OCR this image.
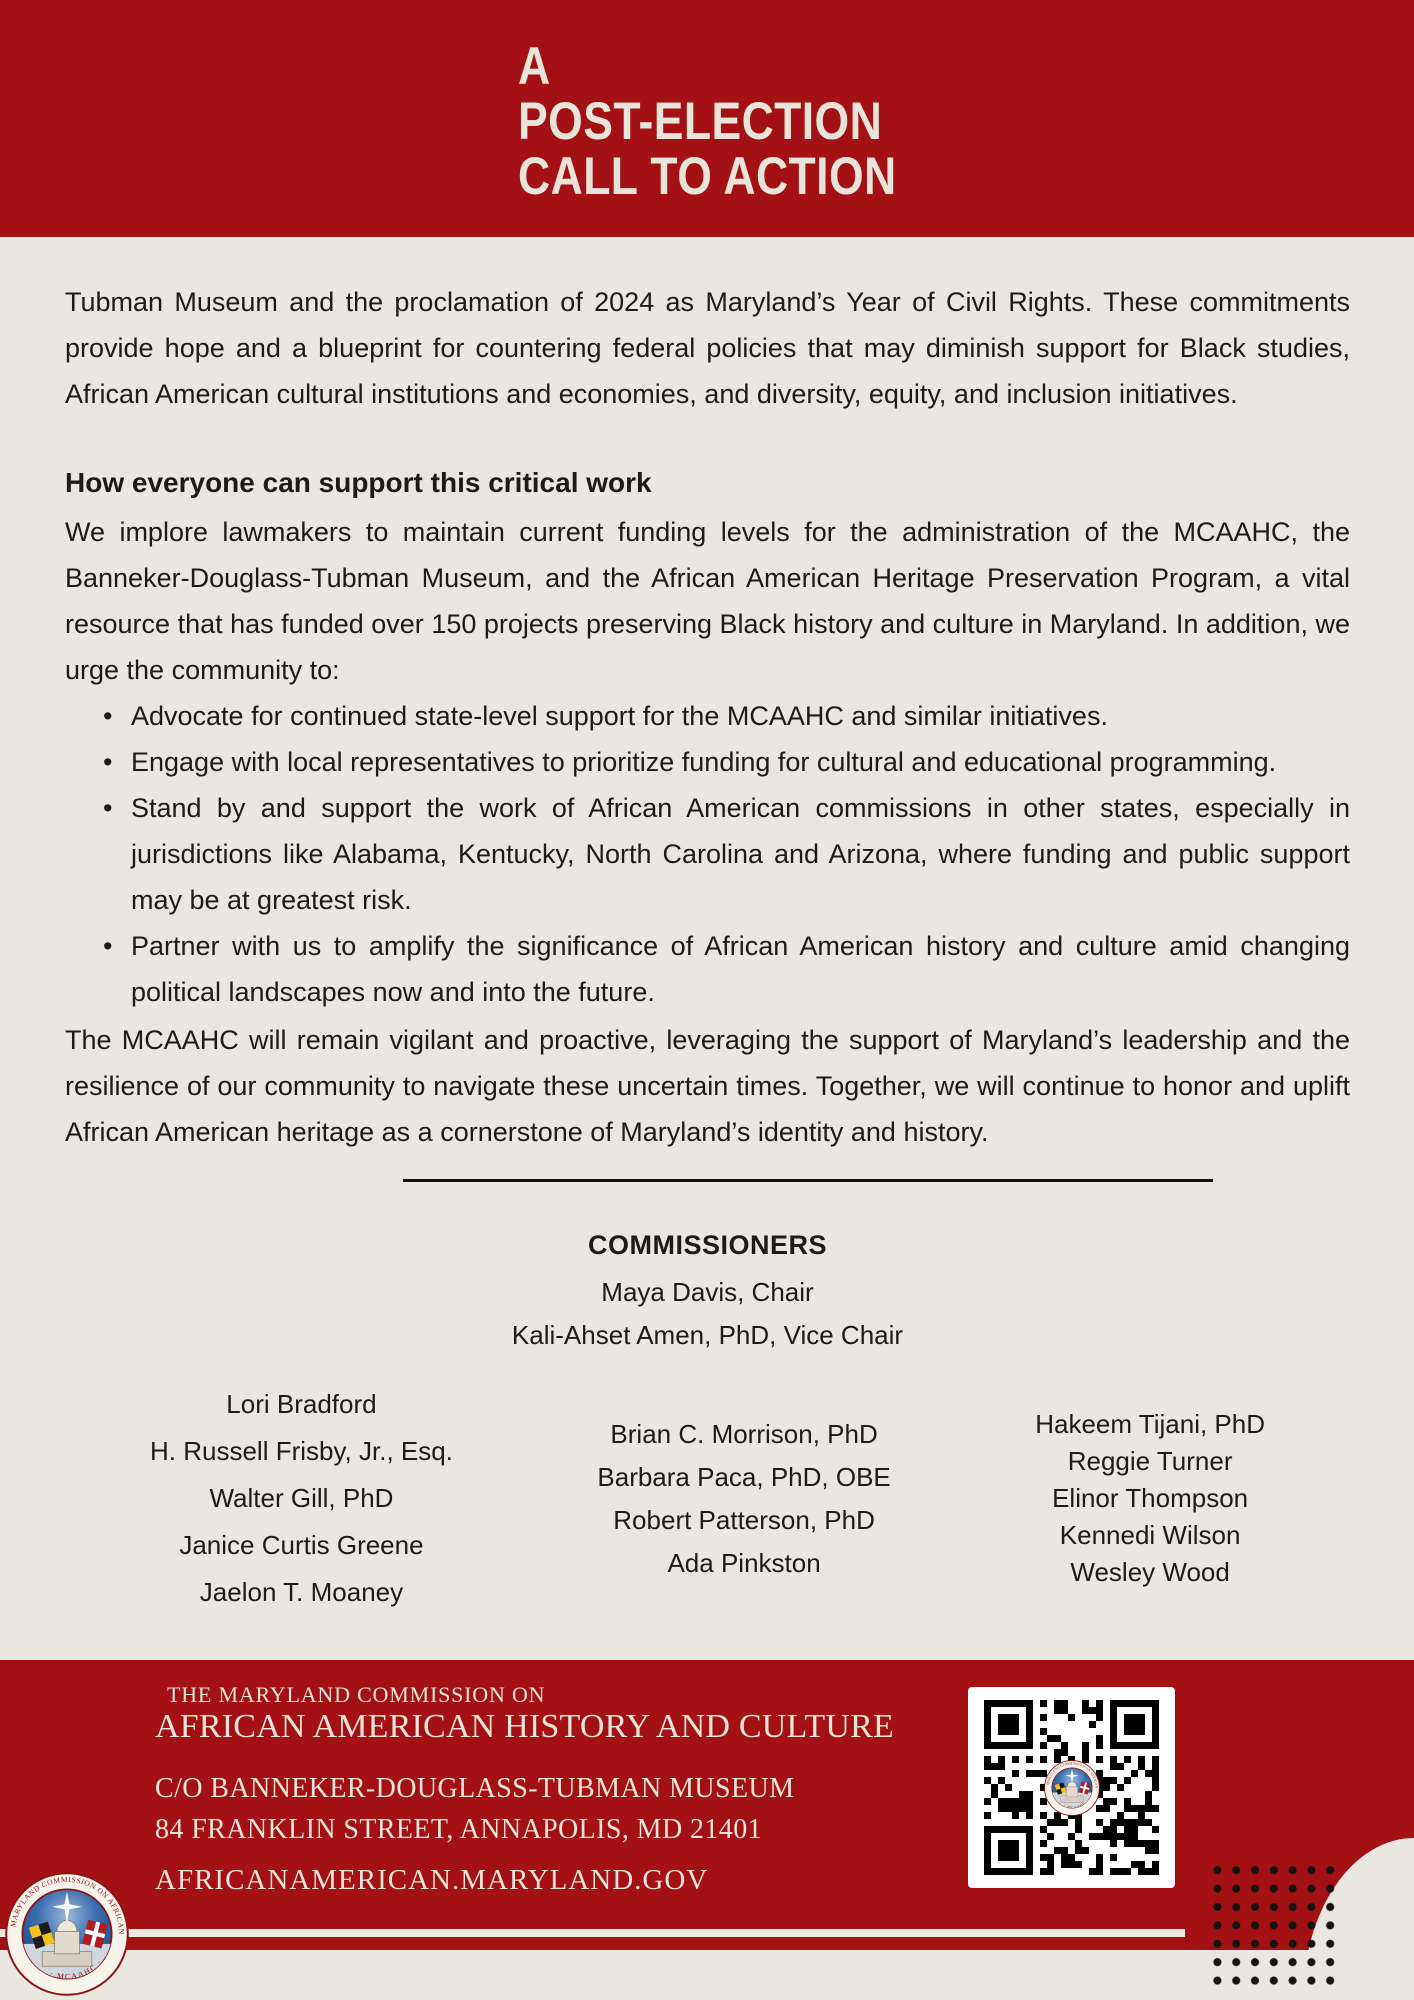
A
POST-ELECTION
CALL TO ACTION

Tubman Museum and the proclamation of 2024 as Maryland’s Year of Civil Rights. These commitments provide hope and a blueprint for countering federal policies that may diminish support for Black studies, African American cultural institutions and economies, and diversity, equity, and inclusion initiatives.

How everyone can support this critical work

We implore lawmakers to maintain current funding levels for the administration of the MCAAHC, the Banneker-Douglass-Tubman Museum, and the African American Heritage Preservation Program, a vital resource that has funded over 150 projects preserving Black history and culture in Maryland. In addition, we urge the community to:

• Advocate for continued state-level support for the MCAAHC and similar initiatives.
• Engage with local representatives to prioritize funding for cultural and educational programming.
• Stand by and support the work of African American commissions in other states, especially in jurisdictions like Alabama, Kentucky, North Carolina and Arizona, where funding and public support may be at greatest risk.
• Partner with us to amplify the significance of African American history and culture amid changing political landscapes now and into the future.

The MCAAHC will remain vigilant and proactive, leveraging the support of Maryland’s leadership and the resilience of our community to navigate these uncertain times. Together, we will continue to honor and uplift African American heritage as a cornerstone of Maryland’s identity and history.

COMMISSIONERS
Maya Davis, Chair
Kali-Ahset Amen, PhD, Vice Chair
Lori Bradford
H. Russell Frisby, Jr., Esq.
Walter Gill, PhD
Janice Curtis Greene
Jaelon T. Moaney
Brian C. Morrison, PhD
Barbara Paca, PhD, OBE
Robert Patterson, PhD
Ada Pinkston
Hakeem Tijani, PhD
Reggie Turner
Elinor Thompson
Kennedi Wilson
Wesley Wood
THE MARYLAND COMMISSION ON
AFRICAN AMERICAN HISTORY AND CULTURE
C/O BANNEKER-DOUGLASS-TUBMAN MUSEUM
84 FRANKLIN STREET, ANNAPOLIS, MD 21401
AFRICANAMERICAN.MARYLAND.GOV
